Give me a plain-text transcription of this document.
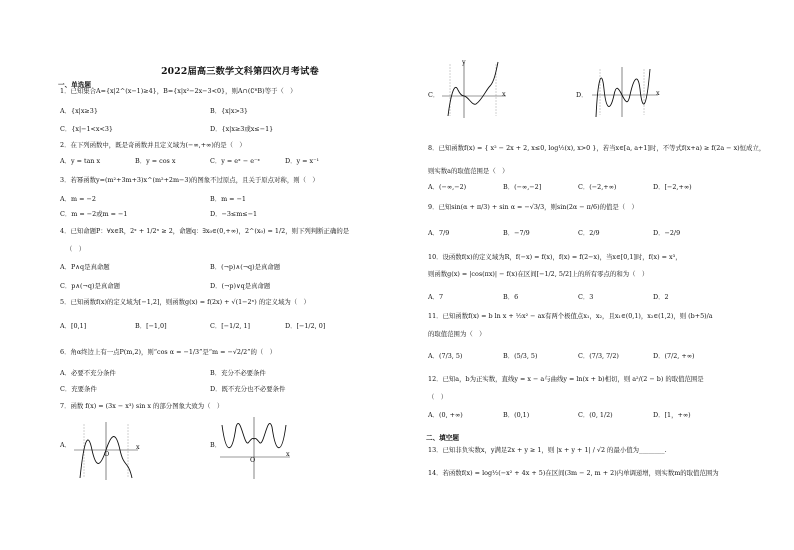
2022届高三数学文科第四次月考试卷
一、单选题
1．已知集合A={x|2^(x−1)≥4}，B={x|x²−2x−3<0}，则A∩(∁ᴿB)等于（　）
A．{x|x≥3}	B．{x|x>3}
C．{x|−1<x<3}	D．{x|x≥3或x≤−1}
2．在下列函数中，既是奇函数并且定义域为(−∞,+∞)的是（　）
A．y = tan x	B．y = cos x	C．y = eˣ − e⁻ˣ	D．y = x⁻¹
3．若幂函数y=(m²+3m+3)x^(m²+2m−3)的图象不过原点，且关于原点对称，则（　）
A．m = −2	B．m = −1
C．m = −2或m = −1	D．−3≤m≤−1
4．已知命题P：∀x∈R，2ˣ + 1/2ˣ ≥ 2，命题q：∃x₀∈(0,+∞)，2^(x₀) = 1/2，则下列判断正确的是
（　）
A．P∧q是真命题	B．(¬p)∧(¬q)是真命题
C．p∧(¬q)是真命题	D．(¬p)∨q是真命题
5．已知函数f(x)的定义域为[−1,2]，则函数g(x) = f(2x) + √(1−2ˣ) 的定义域为（　）
A．[0,1]	B．[−1,0]	C．[−1/2, 1]	D．[−1/2, 0]
6．角α终边上有一点P(m,2)，则“cos α = −1/3”是“m = −√2/2”的（　）
A．必要不充分条件	B．充分不必要条件
C．充要条件	D．既不充分也不必要条件
7．函数 f(x) = (3x − x³) sin x 的部分图象大致为（　）
A．
O
x	B．
O
x
C．
y
x	D．	x
8．已知函数f(x) = { x² − 2x + 2, x≤0, log½(x), x>0 }，若当x∈[a, a+1]时，不等式f(x+a) ≥ f(2a − x)恒成立，
则实数a的取值范围是（　）
A．(−∞,−2)	B．(−∞,−2]	C．(−2,+∞)	D．[−2,+∞)
9．已知sin(α + π/3) + sin α = −√3/3，则sin(2α − π/6)的值是（　）
A．7/9	B．−7/9	C．2/9	D．−2/9
10．设函数f(x)的定义域为R，f(−x) = f(x)，f(x) = f(2−x)，当x∈[0,1]时，f(x) = x³，
则函数g(x) = |cos(πx)| − f(x)在区间[−1/2, 5/2]上的所有零点的和为（　）
A．7	B．6	C．3	D．2
11．已知函数f(x) = b ln x + ½x² − ax有两个极值点x₁，x₂，且x₁∈(0,1)，x₂∈(1,2)，则 (b+5)/a
的取值范围为（　）
A．(7/3, 5)	B．(5/3, 5)	C．(7/3, 7/2)	D．(7/2, +∞)
12．已知a，b为正实数，直线y = x − a与曲线y = ln(x + b)相切，则 a²/(2 − b) 的取值范围是
（　）
A．(0, +∞)	B．(0,1)	C．(0, 1/2)	D．[1，+∞)
二、填空题
13．已知非负实数x，y满足2x + y ≥ 1，则 |x + y + 1| / √2 的最小值为________.
14．若函数f(x) = log½(−x² + 4x + 5)在区间(3m − 2, m + 2)内单调递增，则实数m的取值范围为
